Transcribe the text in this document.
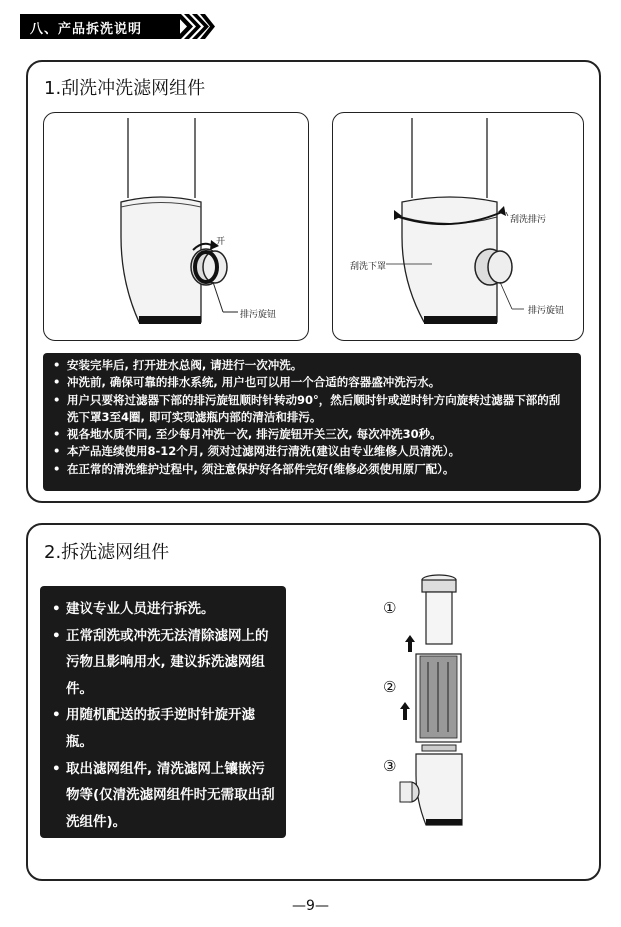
八、产品拆洗说明
1.刮洗冲洗滤网组件
开
排污旋钮
刮洗排污
刮洗下罩
排污旋钮
• 安装完毕后, 打开进水总阀, 请进行一次冲洗。
• 冲洗前, 确保可靠的排水系统, 用户也可以用一个合适的容器盛冲洗污水。
• 用户只要将过滤器下部的排污旋钮顺时针转动90°，然后顺时针或逆时针方向旋转过滤器下部的刮洗下罩3至4圈, 即可实现滤瓶内部的清洁和排污。
• 视各地水质不同, 至少每月冲洗一次, 排污旋钮开关三次, 每次冲洗30秒。
• 本产品连续使用8-12个月, 须对过滤网进行清洗(建议由专业维修人员清洗）。
• 在正常的清洗维护过程中, 须注意保护好各部件完好(维修必须使用原厂配）。
2.拆洗滤网组件
• 建议专业人员进行拆洗。
• 正常刮洗或冲洗无法清除滤网上的污物且影响用水, 建议拆洗滤网组件。
• 用随机配送的扳手逆时针旋开滤瓶。
• 取出滤网组件, 清洗滤网上镶嵌污物等(仅清洗滤网组件时无需取出刮洗组件)。
①
②
③
—9—
